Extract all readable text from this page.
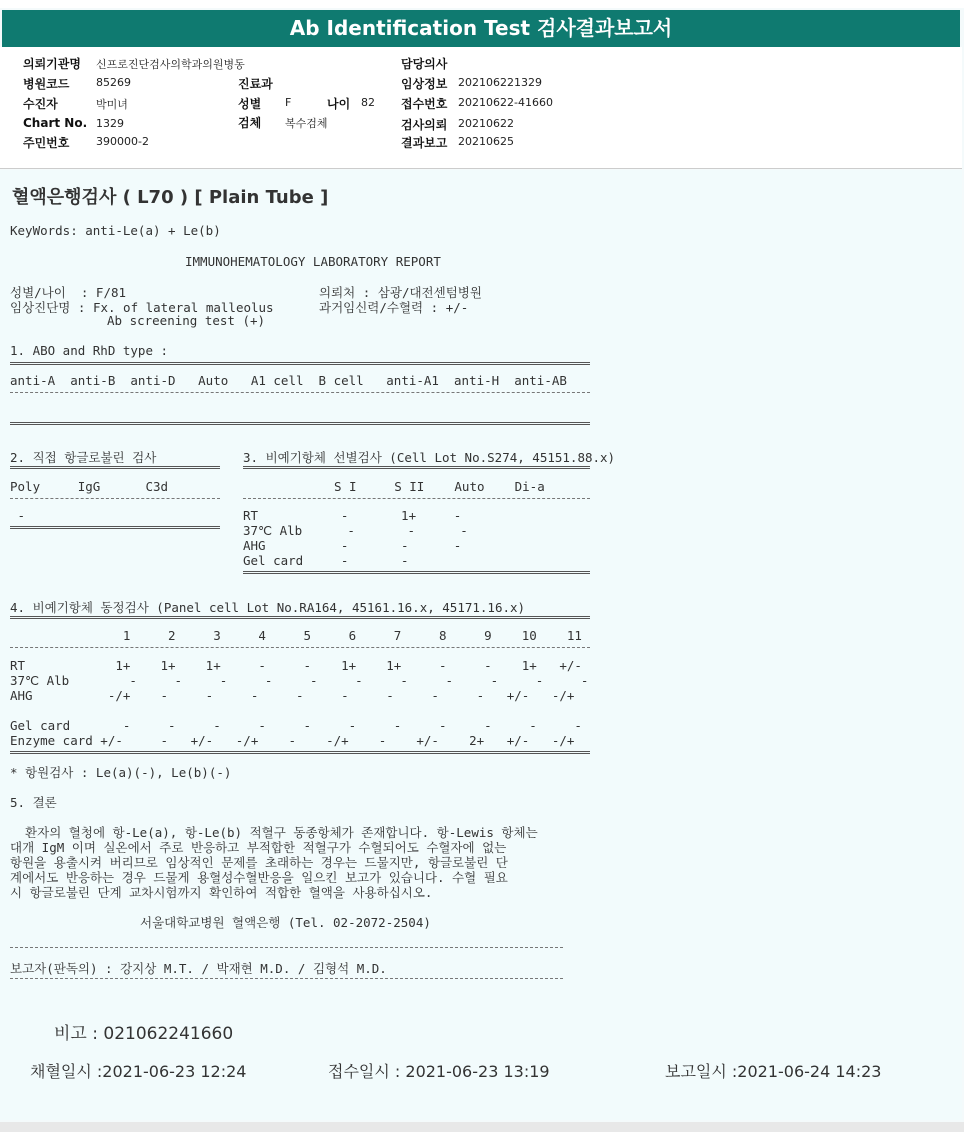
Ab Identification Test 검사결과보고서
의뢰기관명 신프로진단검사의학과의원병동
병원코드 85269
수진자	박미녀
Chart No. 1329
주민번호 390000-2
진료과
성별 F	나이 82
검체 복수검체
담당의사
임상정보 202106221329
접수번호 20210622-41660
검사의뢰 20210622
결과보고 20210625
혈액은행검사 ( L70 ) [ Plain Tube ]
KeyWords: anti-Le(a) + Le(b)
IMMUNOHEMATOLOGY LABORATORY REPORT
성별/나이  : F/81	의뢰처 : 삼광/대전센텀병원
임상진단명 : Fx. of lateral malleolus	과거임신력/수혈력 : +/-
Ab screening test (+)
1. ABO and RhD type :
anti-A  anti-B  anti-D   Auto   A1 cell  B cell   anti-A1  anti-H  anti-AB
2. 직접 항글로불린 검사	3. 비예기항체 선별검사 (Cell Lot No.S274, 45151.88.x)
Poly     IgG      C3d	S I     S II    Auto    Di-a
-	RT           -       1+     -
37℃ Alb      -       -      -
AHG          -       -      -
Gel card     -       -
4. 비예기항체 동정검사 (Panel cell Lot No.RA164, 45161.16.x, 45171.16.x)
1     2     3     4     5     6     7     8     9    10    11
RT            1+    1+    1+     -     -    1+    1+     -     -    1+   +/-
37℃ Alb        -     -     -     -     -     -     -     -     -     -     -
AHG          -/+    -     -     -     -     -     -     -     -   +/-   -/+
Gel card       -     -     -     -     -     -     -     -     -     -     -
Enzyme card +/-     -   +/-   -/+    -    -/+    -    +/-    2+   +/-   -/+
* 항원검사 : Le(a)(-), Le(b)(-)
5. 결론
환자의 혈청에 항-Le(a), 항-Le(b) 적혈구 동종항체가 존재합니다. 항-Lewis 항체는
대개 IgM 이며 실온에서 주로 반응하고 부적합한 적혈구가 수혈되어도 수혈자에 없는
항원을 용출시켜 버리므로 임상적인 문제를 초래하는 경우는 드물지만, 항글로불린 단
계에서도 반응하는 경우 드물게 용혈성수혈반응을 일으킨 보고가 있습니다. 수혈 필요
시 항글로불린 단계 교차시험까지 확인하여 적합한 혈액을 사용하십시오.
서울대학교병원 혈액은행 (Tel. 02-2072-2504)
보고자(판독의) : 강지상 M.T. / 박재현 M.D. / 김형석 M.D.
비고 : 021062241660
채혈일시 :2021-06-23 12:24	접수일시 : 2021-06-23 13:19	보고일시 :2021-06-24 14:23
